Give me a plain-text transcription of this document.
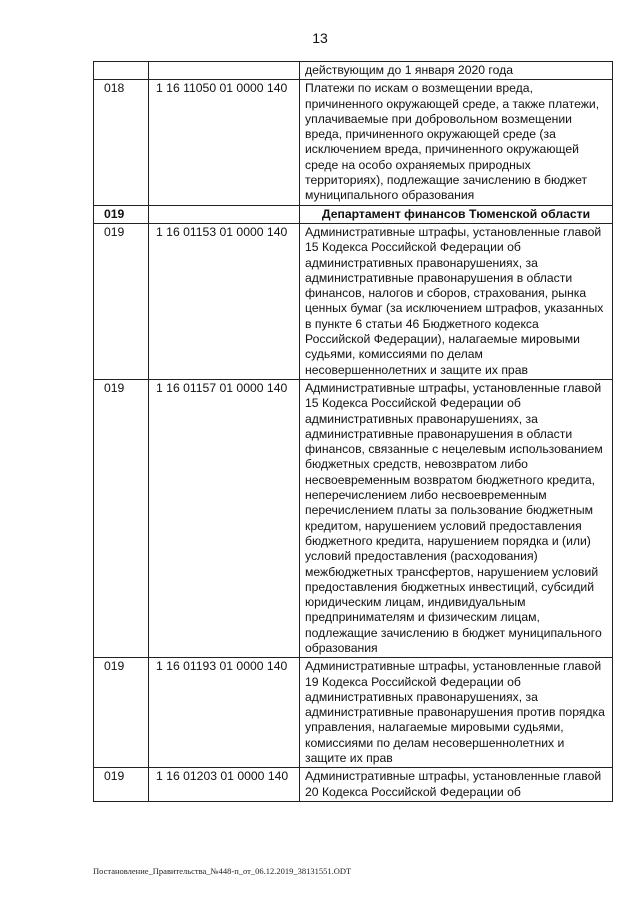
13
		действующим до 1 января 2020 года
018	1 16 11050 01 0000 140	Платежи по искам о возмещении вреда, причиненного окружающей среде, а также платежи, уплачиваемые при добровольном возмещении вреда, причиненного окружающей среде (за исключением вреда, причиненного окружающей среде на особо охраняемых природных территориях), подлежащие зачислению в бюджет муниципального образования
019		Департамент финансов Тюменской области
019	1 16 01153 01 0000 140	Административные штрафы, установленные главой 15 Кодекса Российской Федерации об административных правонарушениях, за административные правонарушения в области финансов, налогов и сборов, страхования, рынка ценных бумаг (за исключением штрафов, указанных в пункте 6 статьи 46 Бюджетного кодекса Российской Федерации), налагаемые мировыми судьями, комиссиями по делам несовершеннолетних и защите их прав
019	1 16 01157 01 0000 140	Административные штрафы, установленные главой 15 Кодекса Российской Федерации об административных правонарушениях, за административные правонарушения в области финансов, связанные с нецелевым использованием бюджетных средств, невозвратом либо несвоевременным возвратом бюджетного кредита, неперечислением либо несвоевременным перечислением платы за пользование бюджетным кредитом, нарушением условий предоставления бюджетного кредита, нарушением порядка и (или) условий предоставления (расходования) межбюджетных трансфертов, нарушением условий предоставления бюджетных инвестиций, субсидий юридическим лицам, индивидуальным предпринимателям и физическим лицам, подлежащие зачислению в бюджет муниципального образования
019	1 16 01193 01 0000 140	Административные штрафы, установленные главой 19 Кодекса Российской Федерации об административных правонарушениях, за административные правонарушения против порядка управления, налагаемые мировыми судьями, комиссиями по делам несовершеннолетних и защите их прав
019	1 16 01203 01 0000 140	Административные штрафы, установленные главой 20 Кодекса Российской Федерации об
Постановление_Правительства_№448-п_от_06.12.2019_38131551.ODT
